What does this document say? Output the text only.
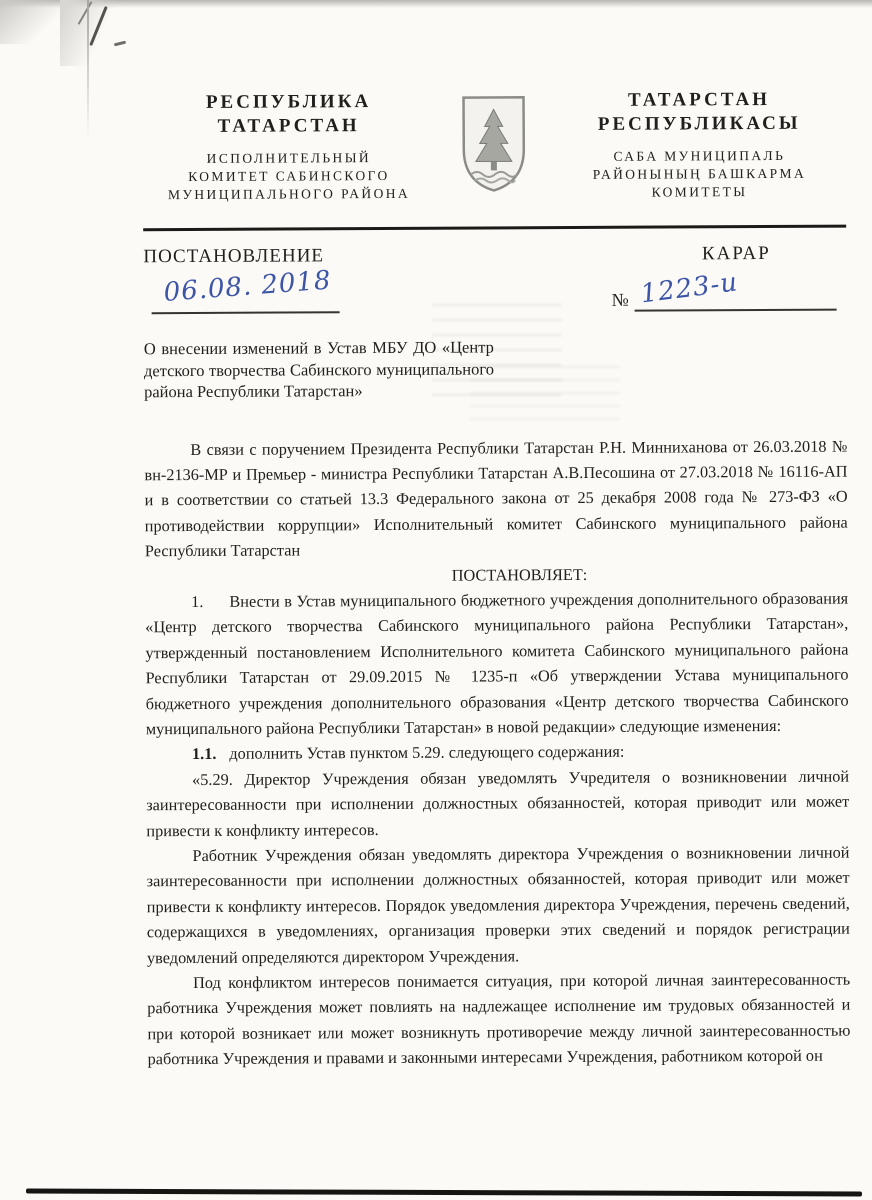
РЕСПУБЛИКА
ТАТАРСТАН
ИСПОЛНИТЕЛЬНЫЙ
КОМИТЕТ САБИНСКОГО
МУНИЦИПАЛЬНОГО РАЙОНА
ТАТАРСТАН
РЕСПУБЛИКАСЫ
САБА МУНИЦИПАЛЬ
РАЙОНЫНЫҢ БАШКАРМА
КОМИТЕТЫ
ПОСТАНОВЛЕНИЕ	КАРАР
06.08. 2018	№ 1223-и
О внесении изменений в Устав МБУ ДО «Центр детского творчества Сабинского муниципального района Республики Татарстан»

В связи с поручением Президента Республики Татарстан Р.Н. Минниханова от 26.03.2018 № вн-2136-МР и Премьер - министра Республики Татарстан А.В.Песошина от 27.03.2018 № 16116-АП и в соответствии со статьей 13.3 Федерального закона от 25 декабря 2008 года № 273-ФЗ «О противодействии коррупции» Исполнительный комитет Сабинского муниципального района Республики Татарстан

ПОСТАНОВЛЯЕТ:

1. Внести в Устав муниципального бюджетного учреждения дополнительного образования «Центр детского творчества Сабинского муниципального района Республики Татарстан», утвержденный постановлением Исполнительного комитета Сабинского муниципального района Республики Татарстан от 29.09.2015 № 1235-п «Об утверждении Устава муниципального бюджетного учреждения дополнительного образования «Центр детского творчества Сабинского муниципального района Республики Татарстан» в новой редакции» следующие изменения:

1.1. дополнить Устав пунктом 5.29. следующего содержания:

«5.29. Директор Учреждения обязан уведомлять Учредителя о возникновении личной заинтересованности при исполнении должностных обязанностей, которая приводит или может привести к конфликту интересов.

Работник Учреждения обязан уведомлять директора Учреждения о возникновении личной заинтересованности при исполнении должностных обязанностей, которая приводит или может привести к конфликту интересов. Порядок уведомления директора Учреждения, перечень сведений, содержащихся в уведомлениях, организация проверки этих сведений и порядок регистрации уведомлений определяются директором Учреждения.

Под конфликтом интересов понимается ситуация, при которой личная заинтересованность работника Учреждения может повлиять на надлежащее исполнение им трудовых обязанностей и при которой возникает или может возникнуть противоречие между личной заинтересованностью работника Учреждения и правами и законными интересами Учреждения, работником которой он
